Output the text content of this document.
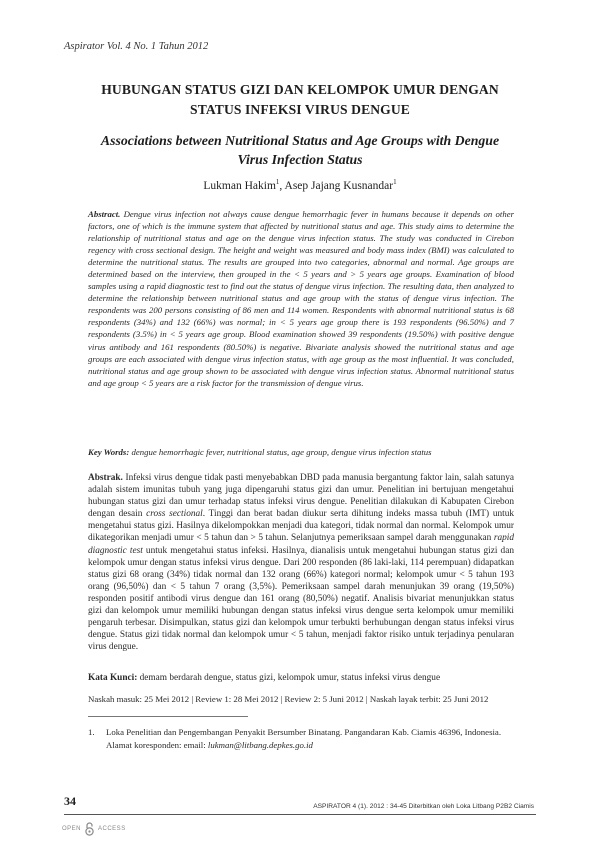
Aspirator Vol. 4 No. 1 Tahun 2012
HUBUNGAN STATUS GIZI DAN KELOMPOK UMUR DENGAN
STATUS INFEKSI VIRUS DENGUE
Associations between Nutritional Status and Age Groups with Dengue
Virus Infection Status
Lukman Hakim$^1$, Asep Jajang Kusnandar$^1$
Abstract. Dengue virus infection not always cause dengue hemorrhagic fever in humans because it depends on other factors, one of which is the immune system that affected by nutritional status and age. This study aims to determine the relationship of nutritional status and age on the dengue virus infection status. The study was conducted in Cirebon regency with cross sectional design. The height and weight was measured and body mass index (BMI) was calculated to determine the nutritional status. The results are grouped into two categories, abnormal and normal. Age groups are determined based on the interview, then grouped in the < 5 years and > 5 years age groups. Examination of blood samples using a rapid diagnostic test to find out the status of dengue virus infection. The resulting data, then analyzed to determine the relationship between nutritional status and age group with the status of dengue virus infection. The respondents was 200 persons consisting of 86 men and 114 women. Respondents with abnormal nutritional status is 68 respondents (34%) and 132 (66%) was normal; in < 5 years age group there is 193 respondents (96.50%) and 7 respondents (3.5%) in < 5 years age group. Blood examination showed 39 respondents (19.50%) with positive dengue virus antibody and 161 respondents (80.50%) is negative. Bivariate analysis showed the nutritional status and age groups are each associated with dengue virus infection status, with age group as the most influential. It was concluded, nutritional status and age group shown to be associated with dengue virus infection status. Abnormal nutritional status and age group < 5 years are a risk factor for the transmission of dengue virus.
Key Words: dengue hemorrhagic fever, nutritional status, age group, dengue virus infection status
Abstrak. Infeksi virus dengue tidak pasti menyebabkan DBD pada manusia bergantung faktor lain, salah satunya adalah sistem imunitas tubuh yang juga dipengaruhi status gizi dan umur. Penelitian ini bertujuan mengetahui hubungan status gizi dan umur terhadap status infeksi virus dengue. Penelitian dilakukan di Kabupaten Cirebon dengan desain cross sectional. Tinggi dan berat badan diukur serta dihitung indeks massa tubuh (IMT) untuk mengetahui status gizi. Hasilnya dikelompokkan menjadi dua kategori, tidak normal dan normal. Kelompok umur dikategorikan menjadi umur < 5 tahun dan > 5 tahun. Selanjutnya pemeriksaan sampel darah menggunakan rapid diagnostic test untuk mengetahui status infeksi. Hasilnya, dianalisis untuk mengetahui hubungan status gizi dan kelompok umur dengan status infeksi virus dengue. Dari 200 responden (86 laki-laki, 114 perempuan) didapatkan status gizi 68 orang (34%) tidak normal dan 132 orang (66%) kategori normal; kelompok umur < 5 tahun 193 orang (96,50%) dan < 5 tahun 7 orang (3,5%). Pemeriksaan sampel darah menunjukan 39 orang (19,50%) responden positif antibodi virus dengue dan 161 orang (80,50%) negatif. Analisis bivariat menunjukkan status gizi dan kelompok umur memiliki hubungan dengan status infeksi virus dengue serta kelompok umur memiliki pengaruh terbesar. Disimpulkan, status gizi dan kelompok umur terbukti berhubungan dengan status infeksi virus dengue. Status gizi tidak normal dan kelompok umur < 5 tahun, menjadi faktor risiko untuk terjadinya penularan virus dengue.
Kata Kunci: demam berdarah dengue, status gizi, kelompok umur, status infeksi virus dengue
Naskah masuk: 25 Mei 2012 | Review 1: 28 Mei 2012 | Review 2: 5 Juni 2012 | Naskah layak terbit: 25 Juni 2012
1. Loka Penelitian dan Pengembangan Penyakit Bersumber Binatang. Pangandaran Kab. Ciamis 46396, Indonesia. Alamat koresponden: email: lukman@litbang.depkes.go.id
34	ASPIRATOR 4 (1). 2012 : 34-45 Diterbitkan oleh Loka Litbang P2B2 Ciamis
OPEN	ACCESS
